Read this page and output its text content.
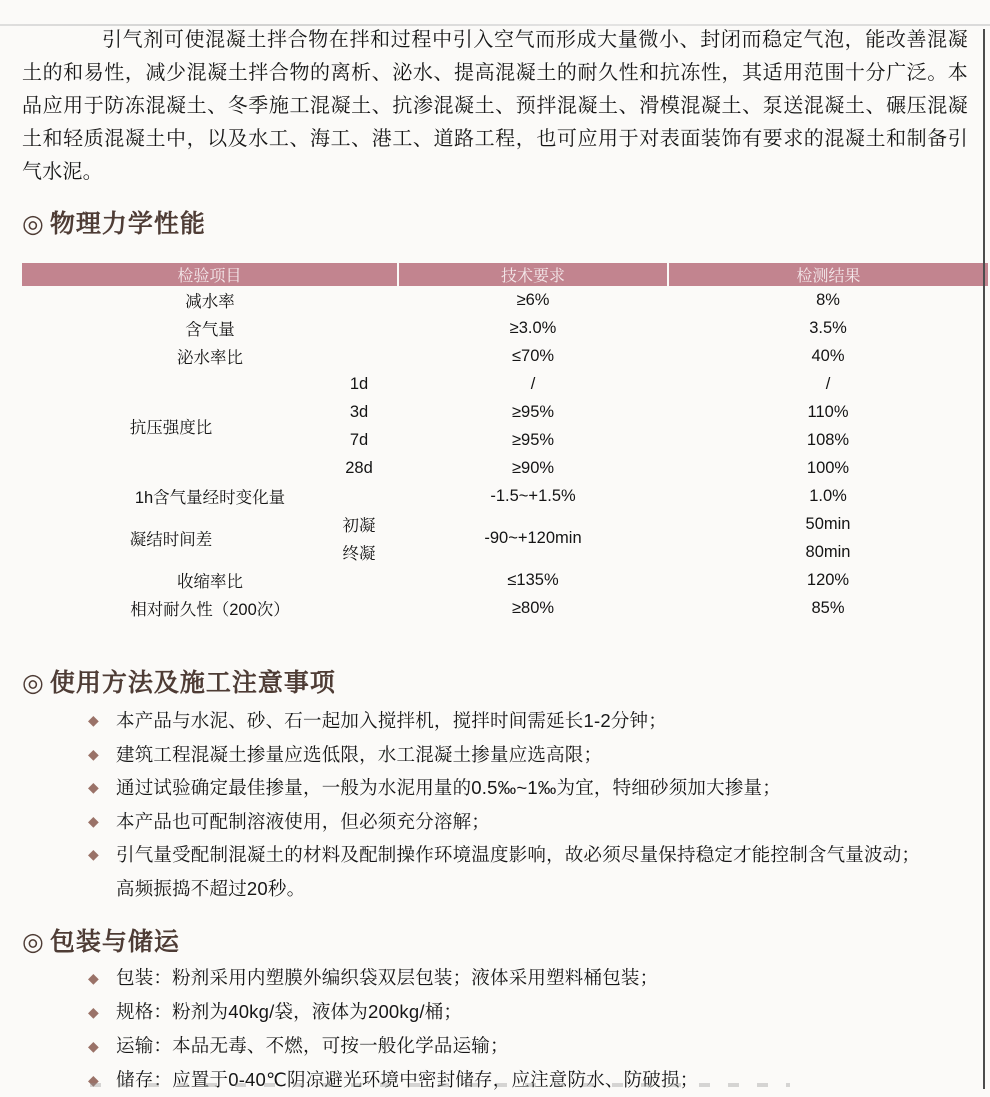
引气剂可使混凝土拌合物在拌和过程中引入空气而形成大量微小、封闭而稳定气泡，能改善混凝土的和易性，减少混凝土拌合物的离析、泌水、提高混凝土的耐久性和抗冻性，其适用范围十分广泛。本品应用于防冻混凝土、冬季施工混凝土、抗渗混凝土、预拌混凝土、滑模混凝土、泵送混凝土、碾压混凝土和轻质混凝土中，以及水工、海工、港工、道路工程，也可应用于对表面装饰有要求的混凝土和制备引气水泥。

◎ 物理力学性能
检验项目		技术要求	检测结果
减水率		≥6%	8%
含气量		≥3.0%	3.5%
泌水率比		≤70%	40%
抗压强度比	1d	/	/
	3d	≥95%	110%
	7d	≥95%	108%
	28d	≥90%	100%
1h含气量经时变化量		-1.5~+1.5%	1.0%
凝结时间差	初凝	-90~+120min	50min
	终凝		80min
收缩率比		≤135%	120%
相对耐久性（200次）		≥80%	85%
◎ 使用方法及施工注意事项
◆ 本产品与水泥、砂、石一起加入搅拌机，搅拌时间需延长1-2分钟；
◆ 建筑工程混凝土掺量应选低限，水工混凝土掺量应选高限；
◆ 通过试验确定最佳掺量，一般为水泥用量的0.5‰~1‰为宜，特细砂须加大掺量；
◆ 本产品也可配制溶液使用，但必须充分溶解；
◆ 引气量受配制混凝土的材料及配制操作环境温度影响，故必须尽量保持稳定才能控制含气量波动；
高频振捣不超过20秒。
◎ 包装与储运
◆ 包装：粉剂采用内塑膜外编织袋双层包装；液体采用塑料桶包装；
◆ 规格：粉剂为40kg/袋，液体为200kg/桶；
◆ 运输：本品无毒、不燃，可按一般化学品运输；
◆ 储存：应置于0-40℃阴凉避光环境中密封储存，应注意防水、防破损；
